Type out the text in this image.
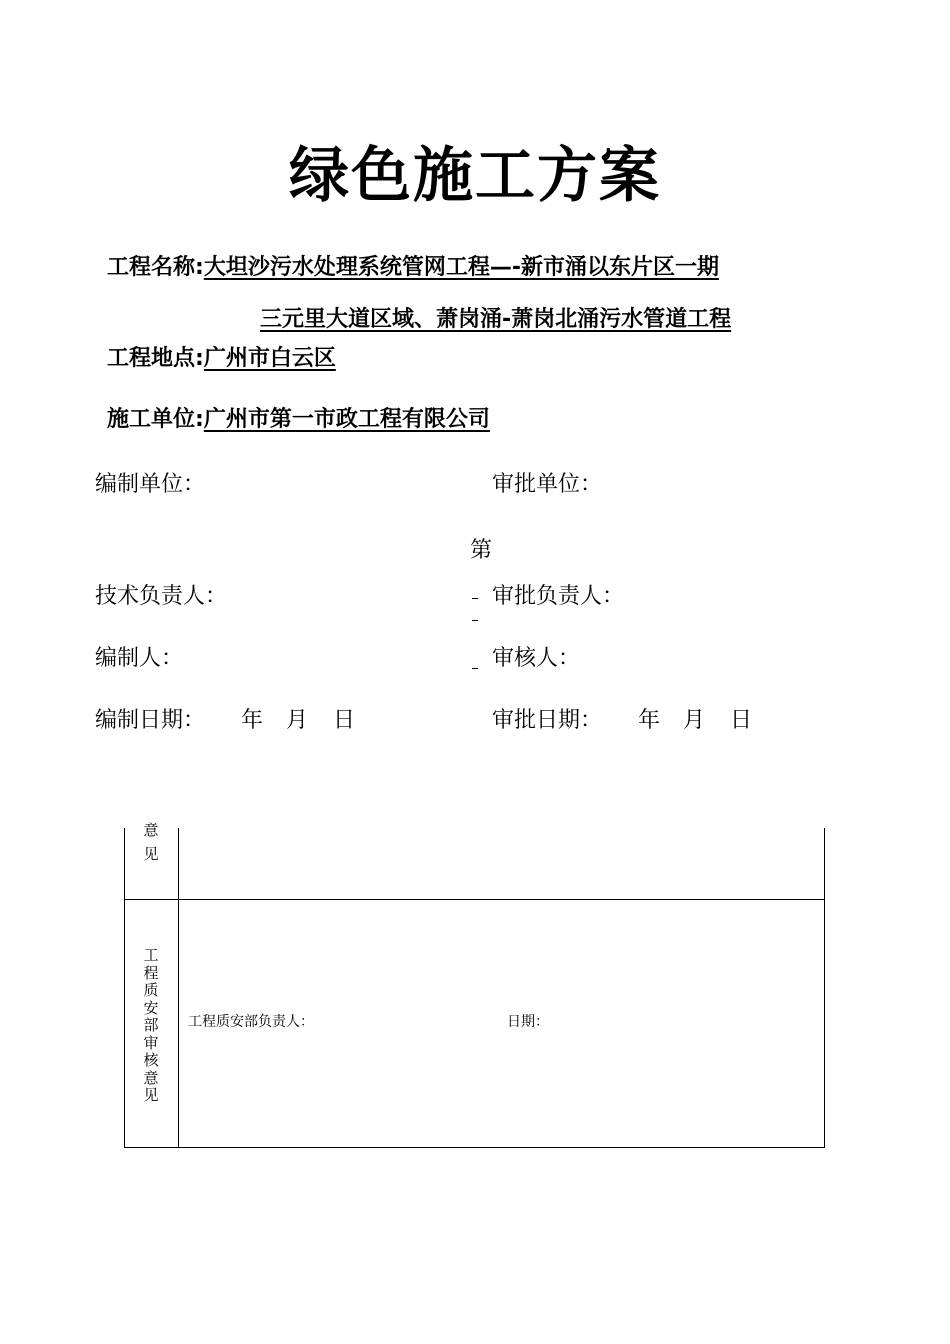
绿色施工方案
工程名称:大坦沙污水处理系统管网工程—-新市涌以东片区一期
三元里大道区域、萧岗涌-萧岗北涌污水管道工程
工程地点:广州市白云区
施工单位:广州市第一市政工程有限公司
编制单位：
技术负责人：
编制人：
编制日期： 年 月 日
审批单位：
审批负责人：
审核人：
审批日期： 年 月 日
第
意
见
工
程
质
安
部
审
核
意
见
工程质安部负责人：	日期：
